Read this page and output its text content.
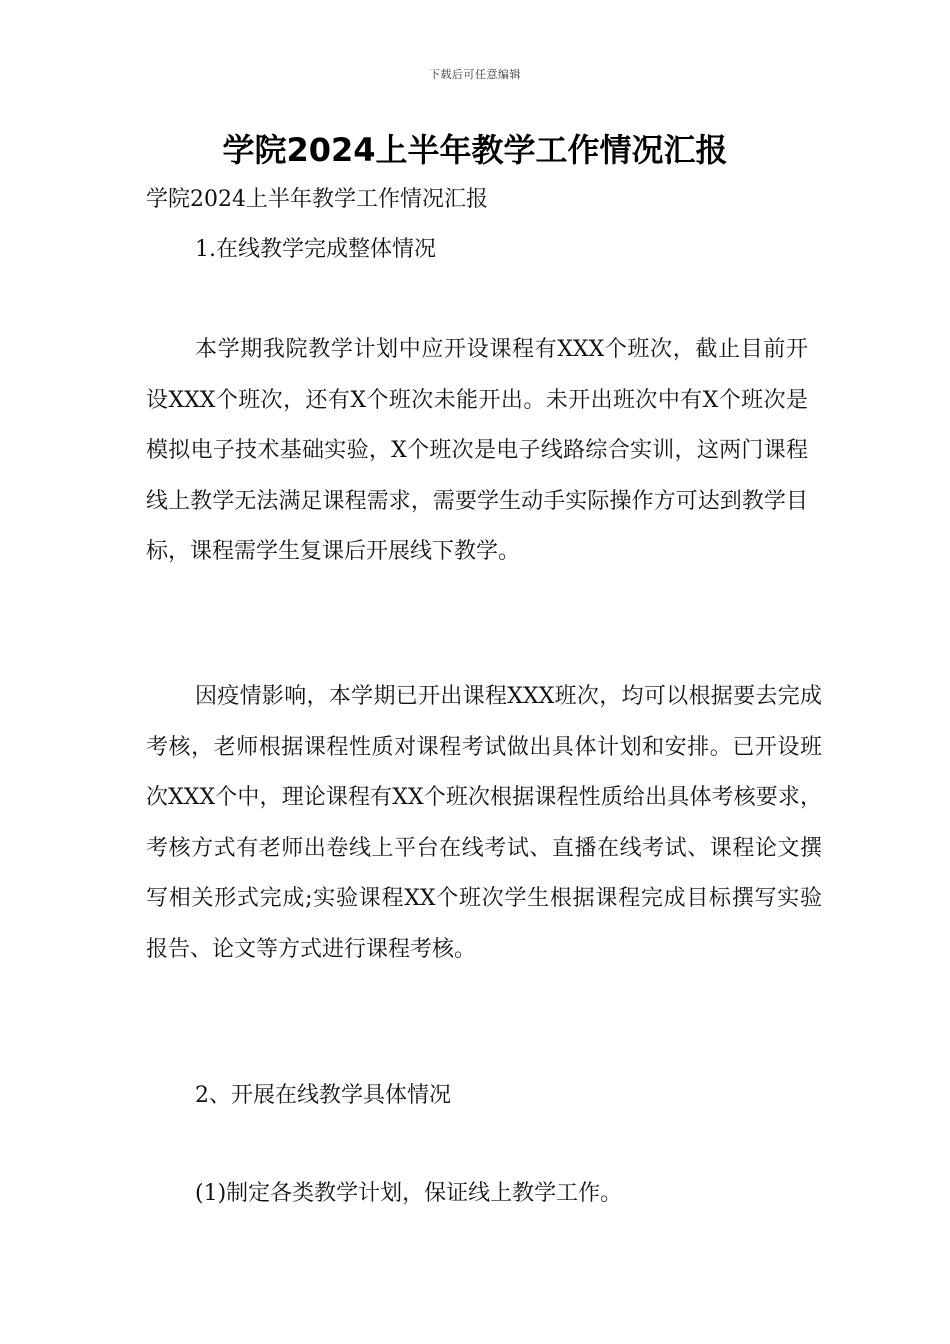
下载后可任意编辑
学院2024上半年教学工作情况汇报
学院2024上半年教学工作情况汇报
1.在线教学完成整体情况

本学期我院教学计划中应开设课程有XXX个班次，截止目前开设XXX个班次，还有X个班次未能开出。未开出班次中有X个班次是模拟电子技术基础实验，X个班次是电子线路综合实训，这两门课程线上教学无法满足课程需求，需要学生动手实际操作方可达到教学目标，课程需学生复课后开展线下教学。

因疫情影响，本学期已开出课程XXX班次，均可以根据要去完成考核，老师根据课程性质对课程考试做出具体计划和安排。已开设班次XXX个中，理论课程有XX个班次根据课程性质给出具体考核要求，考核方式有老师出卷线上平台在线考试、直播在线考试、课程论文撰写相关形式完成;实验课程XX个班次学生根据课程完成目标撰写实验报告、论文等方式进行课程考核。

2、开展在线教学具体情况
(1)制定各类教学计划，保证线上教学工作。
